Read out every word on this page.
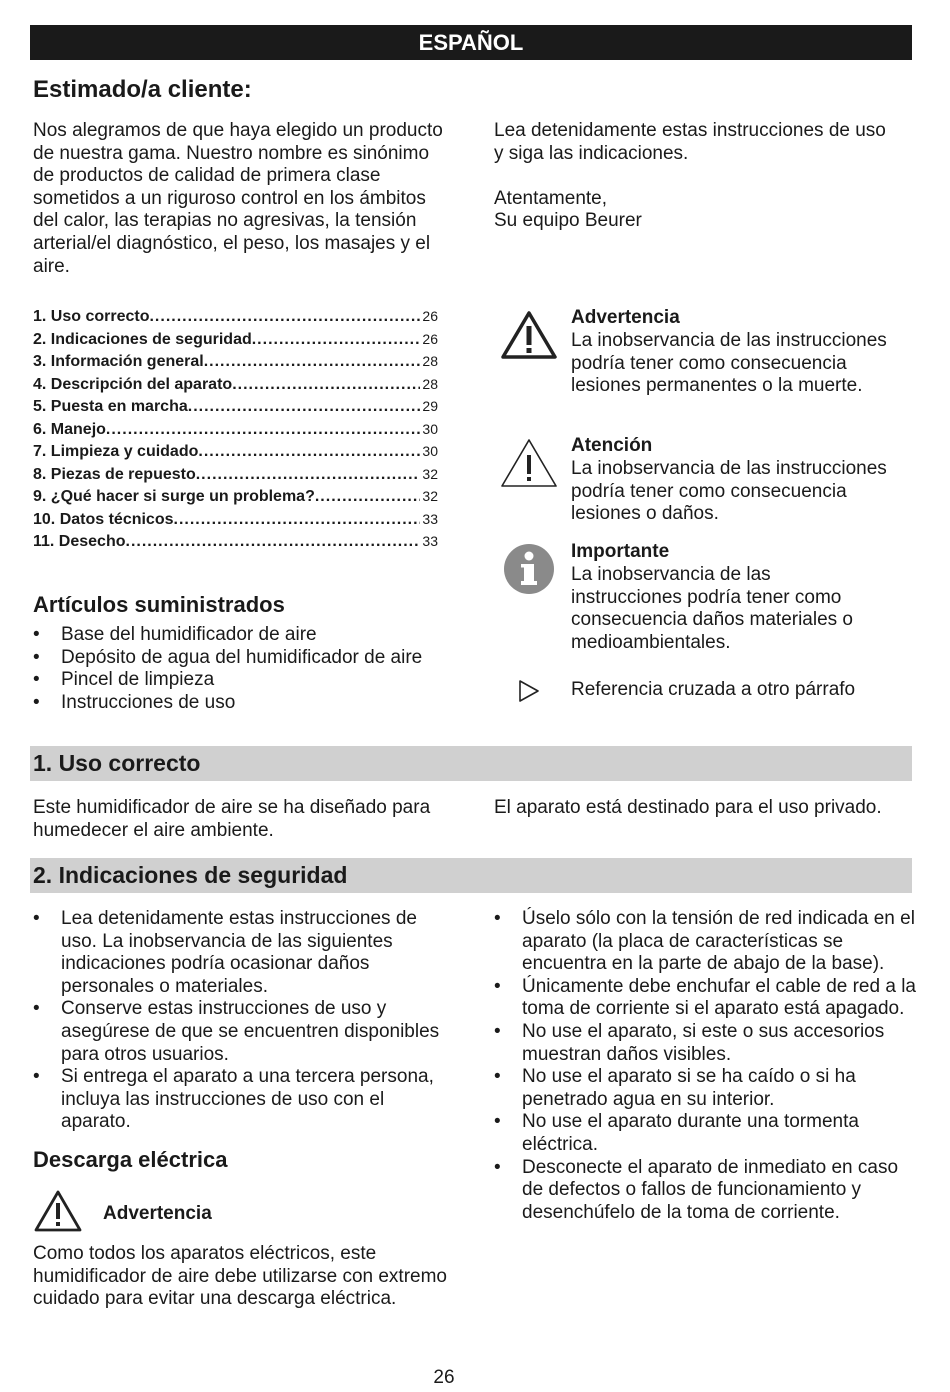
ESPAÑOL
Estimado/a cliente:
Nos alegramos de que haya elegido un producto de nuestra gama. Nuestro nombre es sinónimo de productos de calidad de primera clase sometidos a un riguroso control en los ámbitos del calor, las terapias no agresivas, la tensión arterial/el diagnóstico, el peso, los masajes y el aire.
Lea detenidamente estas instrucciones de uso y siga las indicaciones.
Atentamente,
Su equipo Beurer
1. Uso correcto .....	26
2. Indicaciones de seguridad .....	26
3. Información general .....	28
4. Descripción del aparato .....	28
5. Puesta en marcha .....	29
6. Manejo .....	30
7. Limpieza y cuidado .....	30
8. Piezas de repuesto .....	32
9. ¿Qué hacer si surge un problema? .....	32
10. Datos técnicos .....	33
11. Desecho .....	33
Advertencia
La inobservancia de las instrucciones podría tener como consecuencia lesiones permanentes o la muerte.
Atención
La inobservancia de las instrucciones podría tener como consecuencia lesiones o daños.
Importante
La inobservancia de las instrucciones podría tener como consecuencia daños materiales o medioambientales.
Referencia cruzada a otro párrafo
Artículos suministrados
• Base del humidificador de aire
• Depósito de agua del humidificador de aire
• Pincel de limpieza
• Instrucciones de uso
1. Uso correcto
Este humidificador de aire se ha diseñado para humedecer el aire ambiente.
El aparato está destinado para el uso privado.
2. Indicaciones de seguridad
• Lea detenidamente estas instrucciones de uso. La inobservancia de las siguientes indicaciones podría ocasionar daños personales o materiales.
• Conserve estas instrucciones de uso y asegúrese de que se encuentren disponibles para otros usuarios.
• Si entrega el aparato a una tercera persona, incluya las instrucciones de uso con el aparato.
Descarga eléctrica
Advertencia
Como todos los aparatos eléctricos, este humidificador de aire debe utilizarse con extremo cuidado para evitar una descarga eléctrica.
• Úselo sólo con la tensión de red indicada en el aparato (la placa de características se encuentra en la parte de abajo de la base).
• Únicamente debe enchufar el cable de red a la toma de corriente si el aparato está apagado.
• No use el aparato, si este o sus accesorios muestran daños visibles.
• No use el aparato si se ha caído o si ha penetrado agua en su interior.
• No use el aparato durante una tormenta eléctrica.
• Desconecte el aparato de inmediato en caso de defectos o fallos de funcionamiento y desenchúfelo de la toma de corriente.
26
